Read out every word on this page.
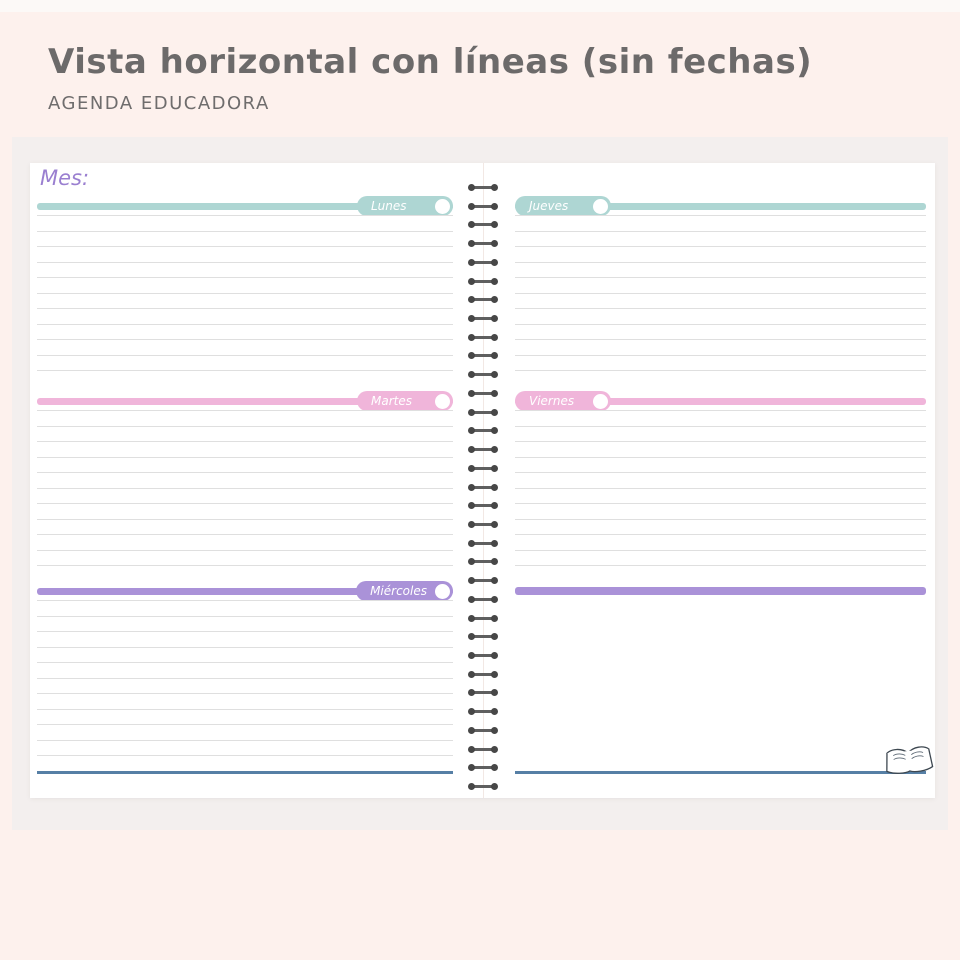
Vista horizontal con líneas (sin fechas)
AGENDA EDUCADORA
Mes:
Lunes
Martes
Miércoles
Jueves
Viernes
